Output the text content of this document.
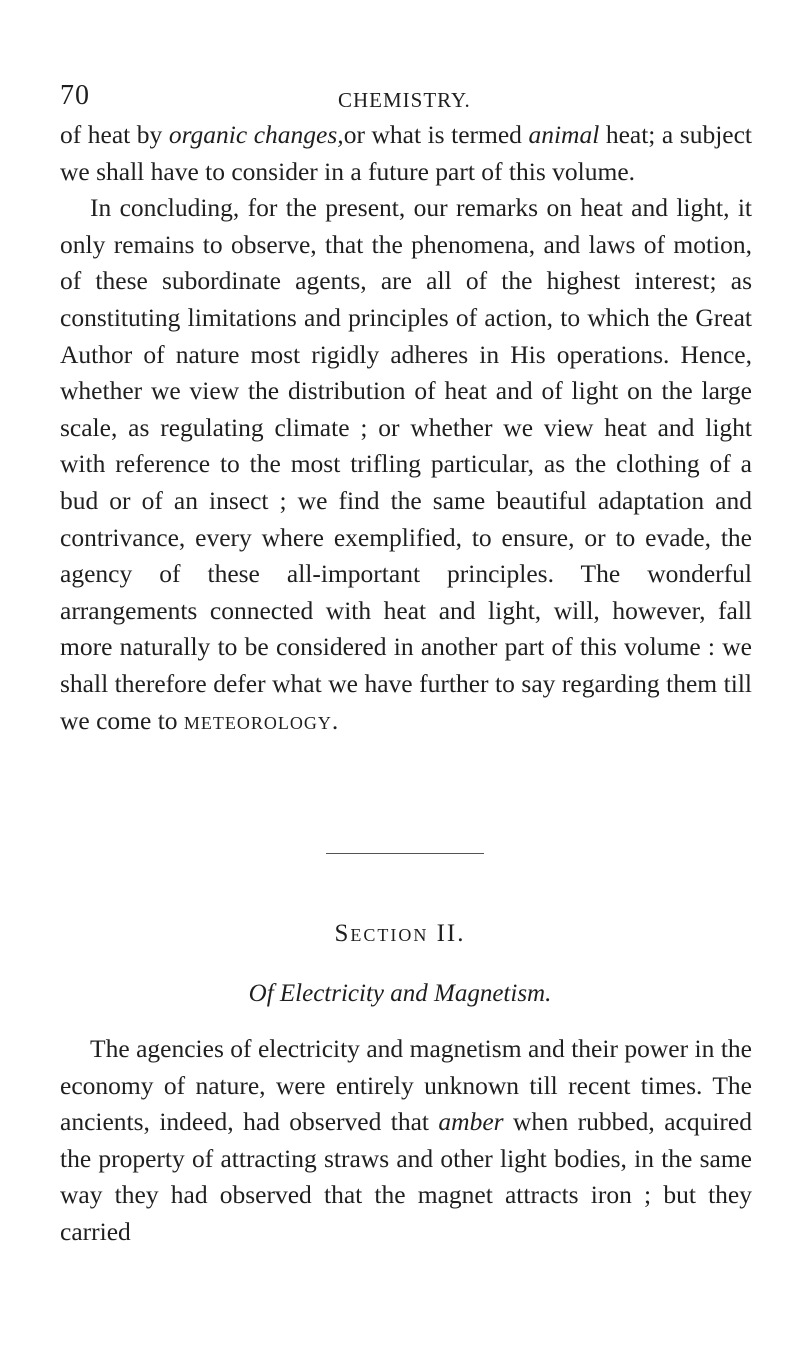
70	CHEMISTRY.

of heat by organic changes,or what is termed animal heat; a subject we shall have to consider in a future part of this volume.

In concluding, for the present, our remarks on heat and light, it only remains to observe, that the phenomena, and laws of motion, of these subordinate agents, are all of the highest interest; as constituting limitations and principles of action, to which the Great Author of nature most rigidly adheres in His operations. Hence, whether we view the distribution of heat and of light on the large scale, as regulating climate ; or whether we view heat and light with reference to the most trifling particular, as the clothing of a bud or of an insect ; we find the same beautiful adaptation and contrivance, every where exemplified, to ensure, or to evade, the agency of these all-important principles. The wonderful arrangements connected with heat and light, will, however, fall more naturally to be considered in another part of this volume : we shall therefore defer what we have further to say regarding them till we come to meteorology.

Section II.
Of Electricity and Magnetism.

The agencies of electricity and magnetism and their power in the economy of nature, were entirely unknown till recent times. The ancients, indeed, had observed that amber when rubbed, acquired the property of attracting straws and other light bodies, in the same way they had observed that the magnet attracts iron ; but they carried
